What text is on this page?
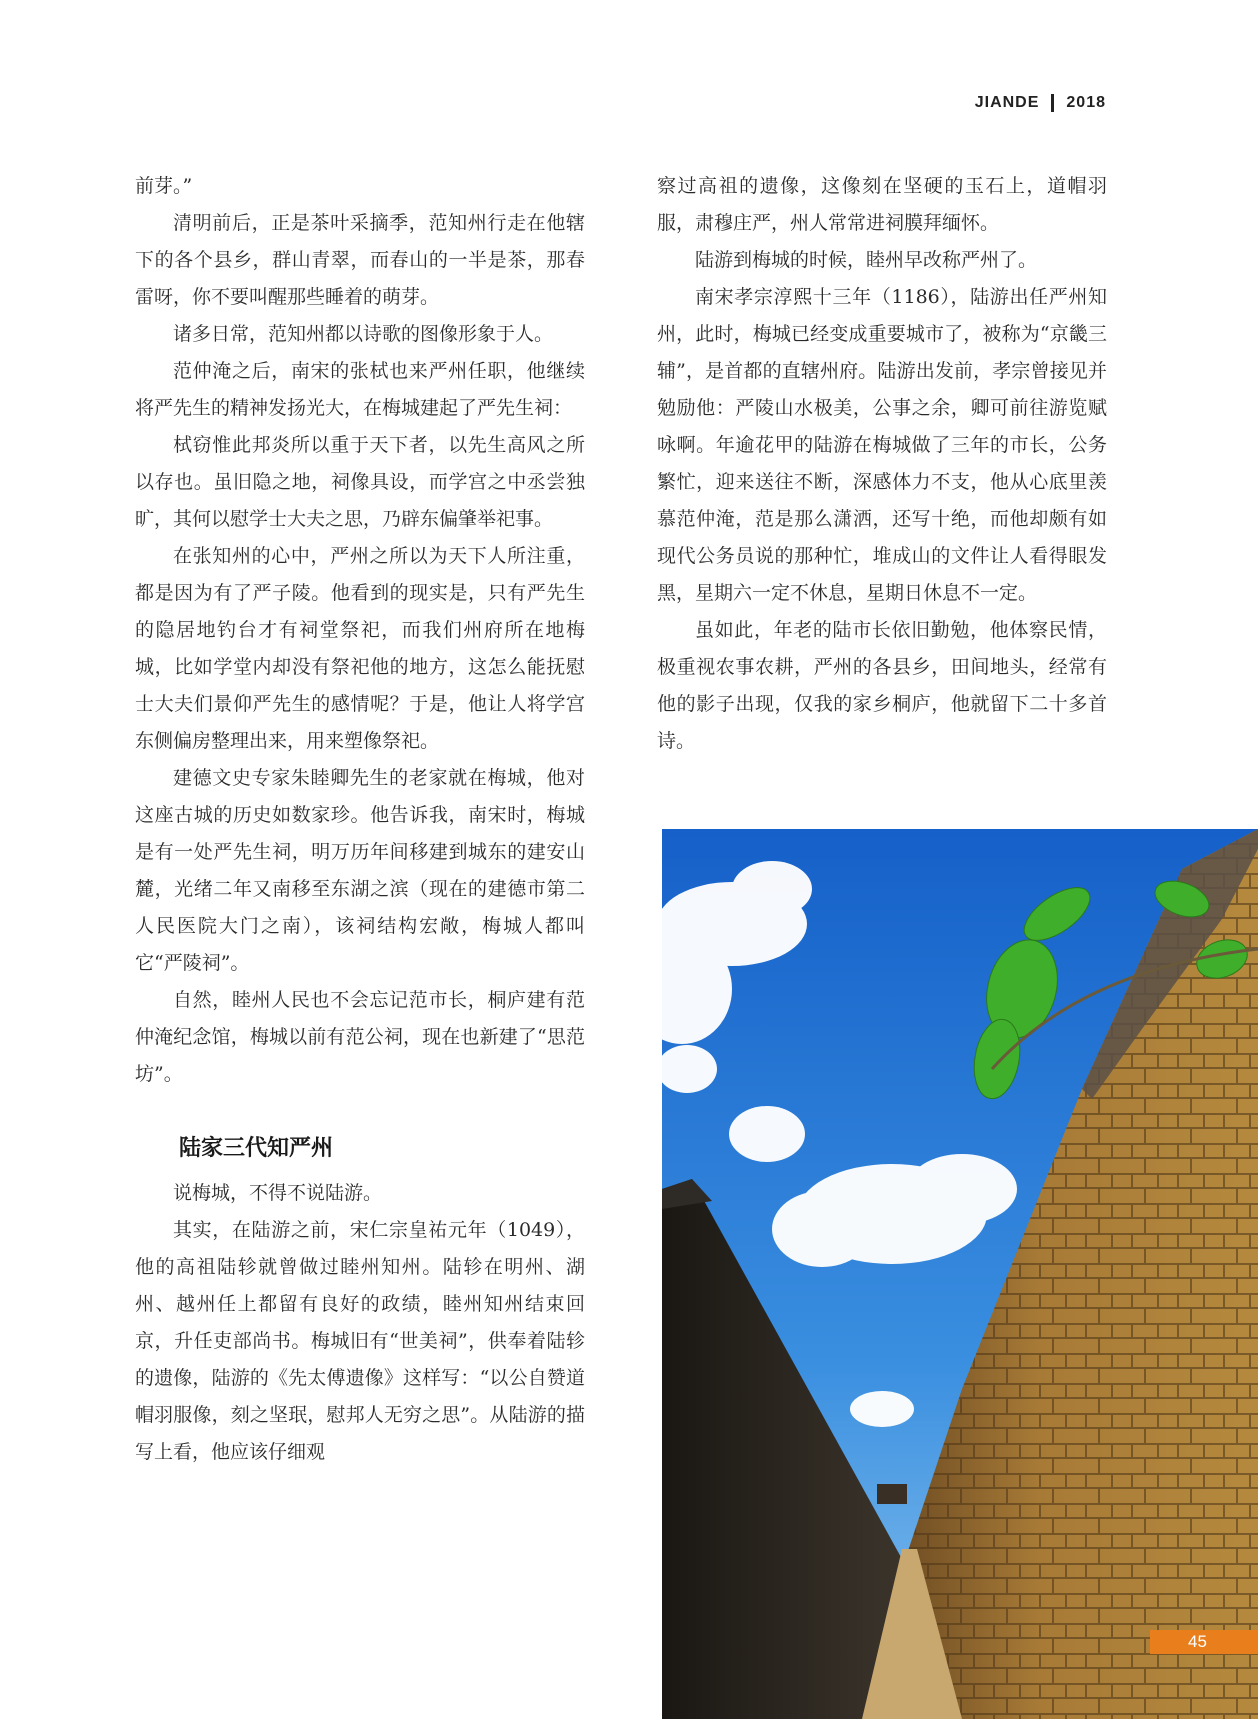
JIANDE 2018

前芽。”

清明前后，正是茶叶采摘季，范知州行走在他辖下的各个县乡，群山青翠，而春山的一半是茶，那春雷呀，你不要叫醒那些睡着的萌芽。

诸多日常，范知州都以诗歌的图像形象于人。

范仲淹之后，南宋的张栻也来严州任职，他继续将严先生的精神发扬光大，在梅城建起了严先生祠：

栻窃惟此邦炎所以重于天下者，以先生高风之所以存也。虽旧隐之地，祠像具设，而学宫之中丞尝独旷，其何以慰学士大夫之思，乃辟东偏肇举祀事。

在张知州的心中，严州之所以为天下人所注重，都是因为有了严子陵。他看到的现实是，只有严先生的隐居地钓台才有祠堂祭祀，而我们州府所在地梅城，比如学堂内却没有祭祀他的地方，这怎么能抚慰士大夫们景仰严先生的感情呢？于是，他让人将学宫东侧偏房整理出来，用来塑像祭祀。

建德文史专家朱睦卿先生的老家就在梅城，他对这座古城的历史如数家珍。他告诉我，南宋时，梅城是有一处严先生祠，明万历年间移建到城东的建安山麓，光绪二年又南移至东湖之滨（现在的建德市第二人民医院大门之南），该祠结构宏敞，梅城人都叫它“严陵祠”。

自然，睦州人民也不会忘记范市长，桐庐建有范仲淹纪念馆，梅城以前有范公祠，现在也新建了“思范坊”。

陆家三代知严州

说梅城，不得不说陆游。

其实，在陆游之前，宋仁宗皇祐元年（1049），他的高祖陆轸就曾做过睦州知州。陆轸在明州、湖州、越州任上都留有良好的政绩，睦州知州结束回京，升任吏部尚书。梅城旧有“世美祠”，供奉着陆轸的遗像，陆游的《先太傅遗像》这样写：“以公自赞道帽羽服像，刻之坚珉，慰邦人无穷之思”。从陆游的描写上看，他应该仔细观

察过高祖的遗像，这像刻在坚硬的玉石上，道帽羽服，肃穆庄严，州人常常进祠膜拜缅怀。

陆游到梅城的时候，睦州早改称严州了。

南宋孝宗淳熙十三年（1186），陆游出任严州知州，此时，梅城已经变成重要城市了，被称为“京畿三辅”，是首都的直辖州府。陆游出发前，孝宗曾接见并勉励他：严陵山水极美，公事之余，卿可前往游览赋咏啊。年逾花甲的陆游在梅城做了三年的市长，公务繁忙，迎来送往不断，深感体力不支，他从心底里羡慕范仲淹，范是那么潇洒，还写十绝，而他却颇有如现代公务员说的那种忙，堆成山的文件让人看得眼发黑，星期六一定不休息，星期日休息不一定。

虽如此，年老的陆市长依旧勤勉，他体察民情，极重视农事农耕，严州的各县乡，田间地头，经常有他的影子出现，仅我的家乡桐庐，他就留下二十多首诗。

45
